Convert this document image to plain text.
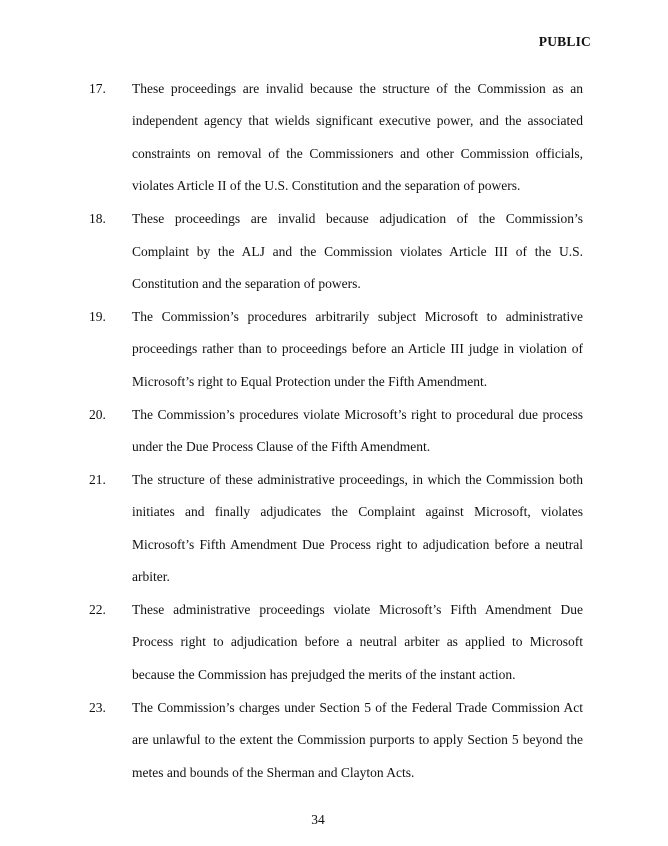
PUBLIC
17. These proceedings are invalid because the structure of the Commission as an independent agency that wields significant executive power, and the associated constraints on removal of the Commissioners and other Commission officials, violates Article II of the U.S. Constitution and the separation of powers.
18. These proceedings are invalid because adjudication of the Commission’s Complaint by the ALJ and the Commission violates Article III of the U.S. Constitution and the separation of powers.
19. The Commission’s procedures arbitrarily subject Microsoft to administrative proceedings rather than to proceedings before an Article III judge in violation of Microsoft’s right to Equal Protection under the Fifth Amendment.
20. The Commission’s procedures violate Microsoft’s right to procedural due process under the Due Process Clause of the Fifth Amendment.
21. The structure of these administrative proceedings, in which the Commission both initiates and finally adjudicates the Complaint against Microsoft, violates Microsoft’s Fifth Amendment Due Process right to adjudication before a neutral arbiter.
22. These administrative proceedings violate Microsoft’s Fifth Amendment Due Process right to adjudication before a neutral arbiter as applied to Microsoft because the Commission has prejudged the merits of the instant action.
23. The Commission’s charges under Section 5 of the Federal Trade Commission Act are unlawful to the extent the Commission purports to apply Section 5 beyond the metes and bounds of the Sherman and Clayton Acts.
34
